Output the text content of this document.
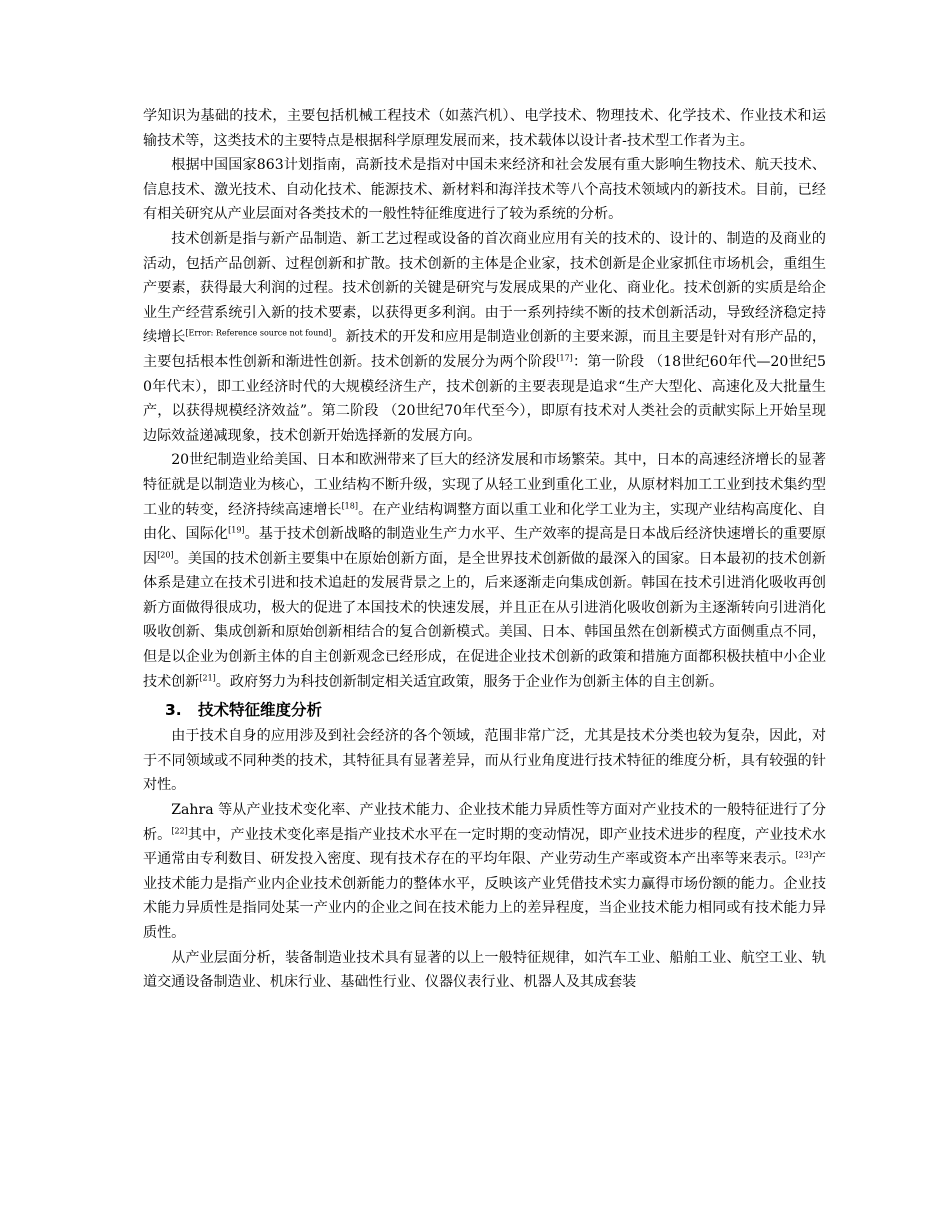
学知识为基础的技术，主要包括机械工程技术（如蒸汽机）、电学技术、物理技术、化学技术、作业技术和运输技术等，这类技术的主要特点是根据科学原理发展而来，技术载体以设计者-技术型工作者为主。

根据中国国家863计划指南，高新技术是指对中国未来经济和社会发展有重大影响生物技术、航天技术、信息技术、激光技术、自动化技术、能源技术、新材料和海洋技术等八个高技术领域内的新技术。目前，已经有相关研究从产业层面对各类技术的一般性特征维度进行了较为系统的分析。

技术创新是指与新产品制造、新工艺过程或设备的首次商业应用有关的技术的、设计的、制造的及商业的活动，包括产品创新、过程创新和扩散。技术创新的主体是企业家，技术创新是企业家抓住市场机会，重组生产要素，获得最大利润的过程。技术创新的关键是研究与发展成果的产业化、商业化。技术创新的实质是给企业生产经营系统引入新的技术要素，以获得更多利润。由于一系列持续不断的技术创新活动，导致经济稳定持续增长[Error: Reference source not found]。新技术的开发和应用是制造业创新的主要来源，而且主要是针对有形产品的，主要包括根本性创新和渐进性创新。技术创新的发展分为两个阶段[17]：第一阶段 （18世纪60年代—20世纪50年代末），即工业经济时代的大规模经济生产，技术创新的主要表现是追求“生产大型化、高速化及大批量生产，以获得规模经济效益”。第二阶段 （20世纪70年代至今），即原有技术对人类社会的贡献实际上开始呈现边际效益递减现象，技术创新开始选择新的发展方向。

20世纪制造业给美国、日本和欧洲带来了巨大的经济发展和市场繁荣。其中，日本的高速经济增长的显著特征就是以制造业为核心，工业结构不断升级，实现了从轻工业到重化工业，从原材料加工工业到技术集约型工业的转变，经济持续高速增长[18]。在产业结构调整方面以重工业和化学工业为主，实现产业结构高度化、自由化、国际化[19]。基于技术创新战略的制造业生产力水平、生产效率的提高是日本战后经济快速增长的重要原因[20]。美国的技术创新主要集中在原始创新方面，是全世界技术创新做的最深入的国家。日本最初的技术创新体系是建立在技术引进和技术追赶的发展背景之上的，后来逐渐走向集成创新。韩国在技术引进消化吸收再创新方面做得很成功，极大的促进了本国技术的快速发展，并且正在从引进消化吸收创新为主逐渐转向引进消化吸收创新、集成创新和原始创新相结合的复合创新模式。美国、日本、韩国虽然在创新模式方面侧重点不同，但是以企业为创新主体的自主创新观念已经形成，在促进企业技术创新的政策和措施方面都积极扶植中小企业技术创新[21]。政府努力为科技创新制定相关适宜政策，服务于企业作为创新主体的自主创新。

3. 技术特征维度分析

由于技术自身的应用涉及到社会经济的各个领域，范围非常广泛，尤其是技术分类也较为复杂，因此，对于不同领域或不同种类的技术，其特征具有显著差异，而从行业角度进行技术特征的维度分析，具有较强的针对性。

Zahra 等从产业技术变化率、产业技术能力、企业技术能力异质性等方面对产业技术的一般特征进行了分析。[22]其中，产业技术变化率是指产业技术水平在一定时期的变动情况，即产业技术进步的程度，产业技术水平通常由专利数目、研发投入密度、现有技术存在的平均年限、产业劳动生产率或资本产出率等来表示。[23]产业技术能力是指产业内企业技术创新能力的整体水平，反映该产业凭借技术实力赢得市场份额的能力。企业技术能力异质性是指同处某一产业内的企业之间在技术能力上的差异程度，当企业技术能力相同或有技术能力异质性。

从产业层面分析，装备制造业技术具有显著的以上一般特征规律，如汽车工业、船舶工业、航空工业、轨道交通设备制造业、机床行业、基础性行业、仪器仪表行业、机器人及其成套装
